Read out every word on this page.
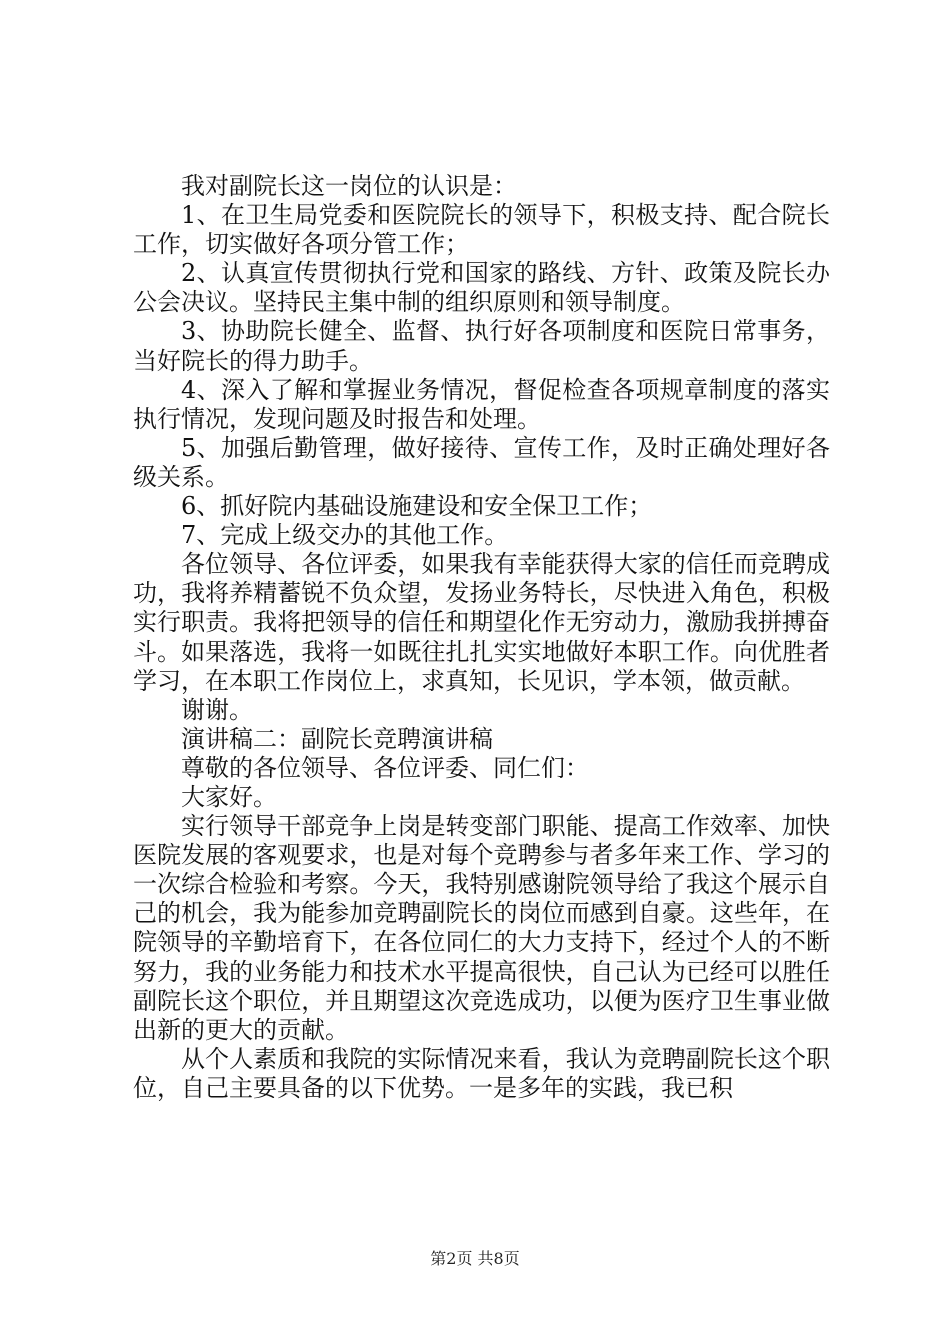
我对副院长这一岗位的认识是：

1、在卫生局党委和医院院长的领导下，积极支持、配合院长工作，切实做好各项分管工作；

2、认真宣传贯彻执行党和国家的路线、方针、政策及院长办公会决议。坚持民主集中制的组织原则和领导制度。

3、协助院长健全、监督、执行好各项制度和医院日常事务，当好院长的得力助手。

4、深入了解和掌握业务情况，督促检查各项规章制度的落实执行情况，发现问题及时报告和处理。

5、加强后勤管理，做好接待、宣传工作，及时正确处理好各级关系。

6、抓好院内基础设施建设和安全保卫工作；

7、完成上级交办的其他工作。

各位领导、各位评委，如果我有幸能获得大家的信任而竞聘成功，我将养精蓄锐不负众望，发扬业务特长，尽快进入角色，积极实行职责。我将把领导的信任和期望化作无穷动力，激励我拼搏奋斗。如果落选，我将一如既往扎扎实实地做好本职工作。向优胜者学习，在本职工作岗位上，求真知，长见识，学本领，做贡献。

谢谢。

演讲稿二：副院长竞聘演讲稿

尊敬的各位领导、各位评委、同仁们：

大家好。

实行领导干部竞争上岗是转变部门职能、提高工作效率、加快医院发展的客观要求，也是对每个竞聘参与者多年来工作、学习的一次综合检验和考察。今天，我特别感谢院领导给了我这个展示自己的机会，我为能参加竞聘副院长的岗位而感到自豪。这些年，在院领导的辛勤培育下，在各位同仁的大力支持下，经过个人的不断努力，我的业务能力和技术水平提高很快，自己认为已经可以胜任副院长这个职位，并且期望这次竞选成功，以便为医疗卫生事业做出新的更大的贡献。

从个人素质和我院的实际情况来看，我认为竞聘副院长这个职位，自己主要具备的以下优势。一是多年的实践，我已积

第2页 共8页
